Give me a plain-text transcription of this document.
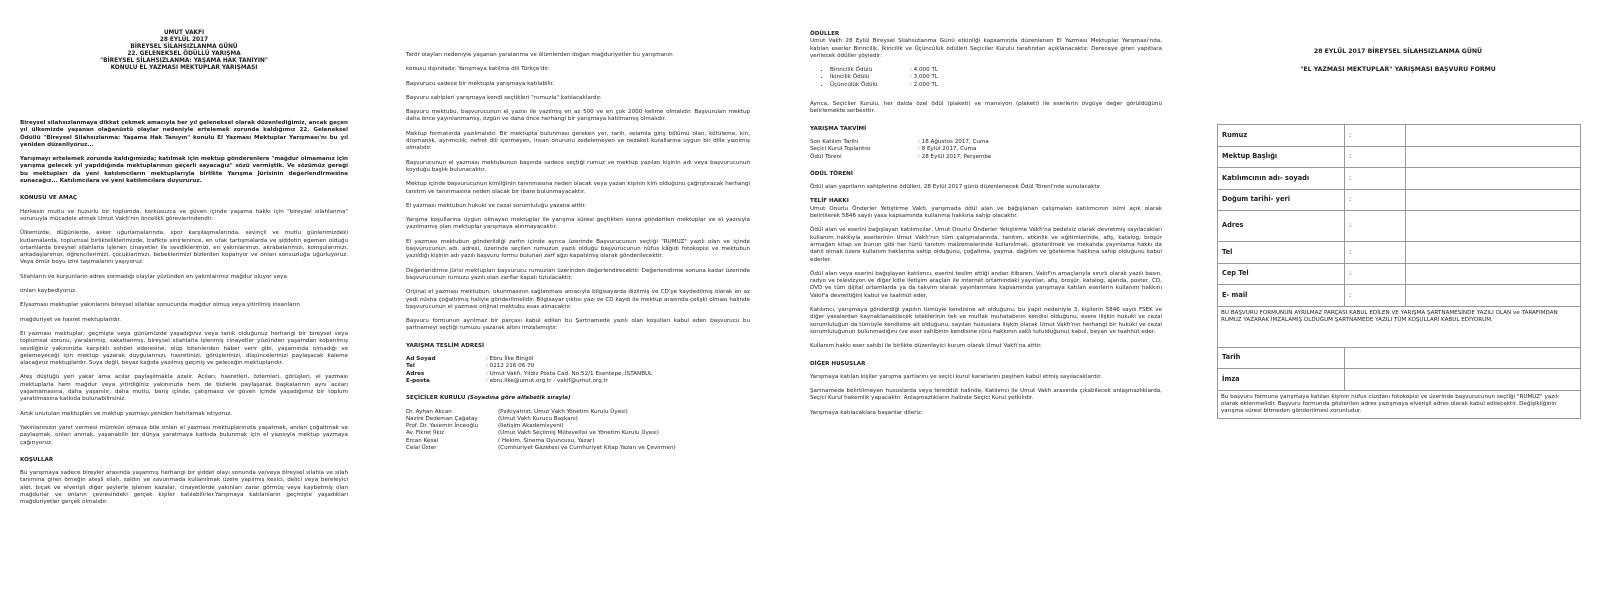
UMUT VAKFI
28 EYLÜL 2017
BİREYSEL SİLAHSIZLANMA GÜNÜ
22. GELENEKSEL ÖDÜLLÜ YARIŞMA
"BİREYSEL SİLAHSIZLANMA: YAŞAMA HAK TANIYIN"
KONULU EL YAZMASI MEKTUPLAR YARIŞMASI

Bireysel silahsızlanmaya dikkat çekmek amacıyla her yıl geleneksel olarak düzenlediğimiz, ancak geçen yıl ülkemizde yaşanan olağanüstü olaylar nedeniyle ertelemek zorunda kaldığımız 22. Geleneksel Ödüllü "Bireysel Silahsızlanma: Yaşama Hak Tanıyın" konulu El Yazması Mektuplar Yarışması'nı bu yıl yeniden düzenliyoruz...

Yarışmayı ertelemek zorunda kaldığımızda; katılmak için mektup gönderenlere "mağdur olmamanız için yarışma gelecek yıl yapıldığında mektuplarınızı geçerli sayacağız" sözü vermiştik. Ve sözümüz gereği bu mektupları da yeni katılımcıların mektuplarıyla birlikte Yarışma Jürisinin değerlendirmesine sunacağız... Katılımcılara ve yeni katılımcılara duyururuz.

KONUSU VE AMAÇ

Herkesin mutlu ve huzurlu bir toplumda, korkusuzca ve güven içinde yaşama hakkı için "bireysel silahlanma" sorunuyla mücadele etmek Umut Vakfı'nın öncelikli görevlerindendir.

Ülkemizde, düğünlerde, asker uğurlamalarında, spor karşılaşmalarında, sevinçli ve mutlu günlerimizdeki kutlamalarda, toplumsal birlikteliklerimizde, trafikte sinirlenince, en ufak tartışmalarda ve şiddetin egemen olduğu ortamlarda bireysel silahlarla işlenen cinayetler ile sevdiklerimizi, en yakınlarımızı, akrabalarımızı, komşularımızı, arkadaşlarımızı, öğrencilerimizi, çocuklarımızı, bebeklerimizi bizlerden koparıyor ve onları sonsuzluğa uğurluyoruz. Veya ömür boyu izini taşımalarını yaşıyoruz.

Silahların ve kurşunların adres sormadığı olaylar yüzünden en yakınlarımız mağdur oluyor veya

onları kaybediyoruz.

Elyazması mektuplar yakınlarını bireysel silahlar sonucunda mağdur olmuş veya yitirilmiş insanların

mağduriyet ve hasret mektuplarıdır.

El yazması mektuplar; geçmişte veya günümüzde yaşadığınız veya tanık olduğunuz herhangi bir bireysel veya toplumsal sorunu, yaralanmış, sakatlanmış, bireysel silahlarla işlenmiş cinayetler yüzünden yaşamdan koparılmış sevdiğiniz yakınınızla karşılıklı sohbet ederesine, olup bitenlerden haber verir gibi, yaşamında olmadığı ve gelemeyeceği için mektup yazarak duygularınızı, hasretinizi, görüşlerinizi, düşüncelerinizi paylaşacak kaleme alacağınız mektuplardır. Suya değil, beyaz kağıda yazılmış geçmiş ve geleceğin mektuplarıdır.

Ateş düştüğü yeri yakar ama acılar paylaşılmakla azalır. Acıları, hasretleri, özlemleri, görüşleri, el yazması mektuplarla hem mağdur veya yitirdiğiniz yakınınızla hem de bizlerle paylaşarak başkalarının aynı acıları yaşamamasına, daha yaşanılır, daha mutlu, barış içinde, çatışmasız ve güven içinde yaşadığımız bir toplum yaratılmasına katkıda bulunabilirsiniz.

Artık unutulan mektupları ve mektup yazmayı yeniden hatırlamak istiyoruz.

Yakınlarınızın yanıt vermesi mümkün olmasa bile onları el yazması mektuplarınızla yaşatmak, anıları çoğaltmak ve paylaşmak, onları anmak, yaşanabilir bir dünya yaratmaya katkıda bulunmak için el yazısıyla mektup yazmaya çağırıyoruz.

KOŞULLAR

Bu yarışmaya sadece bireyler arasında yaşanmış herhangi bir şiddet olayı sonunda ve/veya bireysel silahla ve silah tanımına giren örneğin ateşli silah, saldırı ve savunmada kullanılmak üzere yapılmış kesici, delici veya bereleyici alet, bıçak ve elverişli diğer şeylerle işlenen kazalar, cinayetlerde yakınları zarar görmüş veya kaybetmiş olan mağdurlar ve onların çevresindeki gerçek kişiler katılabilirler.Yarışmaya katılanların geçmişte yaşadıkları mağduriyetler gerçek olmalıdır.

Terör olayları nedeniyle yaşanan yaralanma ve ölümlerden doğan mağduriyetler bu yarışmanın

konusu dışındadır. Yarışmaya katılma dili Türkçe'dir.

Başvurucu sadece bir mektupla yarışmaya katılabilir.

Başvuru sahipleri yarışmaya kendi seçtikleri "rumuzla" katılacaklardır.

Başvuru mektubu, başvurucunun el yazısı ile yazılmış en az 500 ve en çok 2000 kelime olmalıdır. Başvurulan mektup daha önce yayınlanmamış, özgün ve daha önce herhangi bir yarışmaya katılmamış olmalıdır.

Mektup formatında yazılmalıdır. Bir mektupta bulunması gereken yer, tarih, selamla giriş bölümü olan, kötüleme, kin, düşmanlık, ayrımcılık, nefret dili içermeyen, insan onurunu zedelemeyen ve nezaket kurallarına uygun bir dille yazılmış olmalıdır.

Başvurucunun el yazması mektubunun başında sadece seçtiği rumuz ve mektup yazılan kişinin adı veya başvurucunun koyduğu başlık bulunacaktır.

Mektup içinde başvurucunun kimliğinin tanınmasına neden olacak veya yazan kişinin kim olduğunu çağrıştıracak herhangi tanıtım ve tanınmasına neden olacak bir ibare bulunmayacaktır.

El yazması mektubun hukuki ve cezai sorumluluğu yazana aittir.

Yarışma koşullarına uygun olmayan mektuplar ile yarışma süresi geçtikten sonra gönderilen mektuplar ve el yazısıyla yazılmamış olan mektuplar yarışmaya alınmayacaktır.

El yazması mektubun gönderildiği zarfın içinde ayrıca üzerinde Başvurucunun seçtiği "RUMUZ" yazılı olan ve içinde başvurucunun adı, adresi, üzerinde seçilen rumuzun yazılı olduğu başvurucunun nüfus kâğıdı fotokopisi ve mektubun yazıldığı kişinin adı yazılı başvuru formu bulunan zarf ağzı kapatılmış olarak gönderilecektir.

Değerlendirme jürisi mektupları başvurucu rumuzları üzerinden değerlendirecektir. Değerlendirme sonuna kadar üzerinde başvurucunun rumuzu yazılı olan zarflar kapalı tutulacaktır.

Orijinal el yazması mektubun; okunmasının sağlanması amacıyla bilgisayarda dizilmiş ve CD'ye kaydedilmiş olarak en az yedi nüsha çoğaltılmış haliyle gönderilmelidir. Bilgisayar çıktısı yazı ve CD kaydı ile mektup arasında çelişki olması halinde başvurucunun el yazması orijinal mektubu esas alınacaktır.

Başvuru formunun ayrılmaz bir parçası kabul edilen bu Şartnamede yazılı olan koşulları kabul eden başvurucu bu şartnameyi seçtiği rumuzu yazarak altını imzalamıştır.

YARIŞMA TESLİM ADRESİ
Ad Soyad	: Ebru İlke Bingöl
Tel	: 0212 216 06 70
Adres	: Umut Vakfı, Yıldız Posta Cad. No:52/1 Esentepe, İSTANBUL
E-posta	: ebru.ilke@umut.org.tr - vakif@umut.org.tr
SEÇİCİLER KURULU (Soyadına göre alfabetik sırayla)
Dr. Ayhan Akcan	(Psikiyatrist, Umut Vakfı Yönetim Kurulu Üyesi)
Nazire Dedeman Çağatay	(Umut Vakfı Kurucu Başkanı)
Prof. Dr. Yasemin İnceoğlu	(İletişim Akademisyeni)
Av. Fikret İlkiz	(Umut Vakfı Seçilmiş Mütevellisi ve Yönetim Kurulu Üyesi)
Ercan Kesal	( Hekim, Sinema Oyuncusu, Yazar)
Celal Üster	(Cumhuriyet Gazetesi ve Cumhuriyet Kitap Yazarı ve Çevirmen)
ÖDÜLLER

Umut Vakfı 28 Eylül Bireysel Silahsızlanma Günü etkinliği kapsamında düzenlenen El Yazması Mektuplar Yarışması'nda, katılan eserler Birincilik, İkincilik ve Üçüncülük ödülleri Seçiciler Kurulu tarafından açıklanacaktır. Dereceye giren yapıtlara verilecek ödüller şöyledir:

• Birincilik Ödülü	: 4.000 TL
• İkincilik Ödülü	: 3.000 TL
• Üçüncülük Ödülü	: 2.000 TL

Ayrıca, Seçiciler Kurulu, her dalda özel ödül (plaketi) ve mansiyon (plaketi) ile eserlerin övgüye değer görüldüğünü belirlemekte serbesttir.

YARIŞMA TAKVİMİ
Son Katılım Tarihi	: 18 Ağustos 2017, Cuma
Seçici Kurul Toplantısı	: 8 Eylül 2017, Cuma
Ödül Töreni	: 28 Eylül 2017, Perşembe
ÖDÜL TÖRENİ

Ödül alan yapıtların sahiplerine ödülleri, 28 Eylül 2017 günü düzenlenecek Ödül Töreni'nde sunulacaktır.

TELİF HAKKI

Umut Onurlu Önderler Yetiştirme Vakfı, yarışmada ödül alan ve bağışlanan çalışmaları katılımcının isimi açık olarak belirtilerek 5846 sayılı yasa kapsamında kullanma hakkına sahip olacaktır.

Ödül alan ve eserini bağışlayan katılımcılar, Umut Onurlu Önderler Yetiştirme Vakfı'na bedelsiz olarak devretmiş sayılacakları kullanım hakkıyla eserlerinin Umut Vakfı'nın tüm çalışmalarında, tanıtım, etkinlik ve eğitimlerinde, afiş, katalog, broşür armağan kitap ve bunun gibi her türlü tanıtım malzemelerinde kullanılmak, gösterilmek ve mekanda yayınlama hakkı da dahil olmak üzere kullanım haklarına sahip olduğunu, çoğaltma, yayma, dağıtım ve gösterme hakkına sahip olduğunu kabul ederler.

Ödül alan veya eserini bağışlayan katılımcı, eserini teslim ettiği andan itibaren, Vakıf'ın amaçlarıyla sınırlı olarak yazılı basın, radyo ve televizyon ve diğer kitle iletişim araçları ile internet ortamındaki yayınlar, afiş, broşür, katalog, ajanda, poster, CD, DVD ve tüm dijital ortamlarda ya da takvim olarak yayınlanması kapsamında yarışmaya katılan eserlerin kullanım hakkını Vakıf'a devrettiğini kabul ve taahhüt eder.

Katılımcı, yarışmaya gönderdiği yapıtın tümüyle kendisine ait olduğunu, bu yapıt nedeniyle 3. kişilerin 5846 sayılı FSEK ve diğer yasalardan kaynaklanabilecek isteklerinin tek ve mutlak muhatabının kendisi olduğunu, esere ilişkin hukuki ve cezai sorumluluğun da tümüyle kendisine ait olduğunu, sayılan hususlara ilişkin olarak Umut Vakfı'nın herhangi bir hukuki ve cezai sorumluluğunun bulunmadığını (ve eser sahibinin kendisine rücu hakkının saklı tutulduğunu) kabul, beyan ve taahhüt eder.

Kullanım hakkı eser sahibi ile birlikte düzenleyici kurum olarak Umut Vakfı'na aittir.

DİĞER HUSUSLAR

Yarışmaya katılan kişiler yarışma şartlarını ve seçici kurul kararlarını peşinen kabul etmiş sayılacaklardır.

Şartnamede belirtilmeyen hususlarda veya tereddüt halinde, Katılımcı ile Umut Vakfı arasında çıkabilecek anlaşmazlıklarda, Seçici Kurul hakemlik yapacaktır. Anlaşmazlıkların halinde Seçici Kurul yetkilidir.

Yarışmaya katılacaklara başarılar dileriz.

28 EYLÜL 2017 BİREYSEL SİLAHSIZLANMA GÜNÜ
"EL YAZMASI MEKTUPLAR" YARIŞMASI BAŞVURU FORMU
Rumuz	:	
Mektup Başlığı	:	
Katılımcının adı- soyadı	:	
Doğum tarihi- yeri	:	
Adres	:	
Tel	:	
Cep Tel	:	
E- mail	:	
BU BAŞVURU FORMUNUN AYRILMAZ PARÇASI KABUL EDİLEN VE YARIŞMA ŞARTNAMESİNDE YAZILI OLAN ve TARAFIMDAN RUMUZ YAZARAK İMZALAMIŞ OLDUĞUM ŞARTNAMEDE YAZILI TÜM KOŞULLARI KABUL EDİYORUM.		
Tarih		
İmza		
Bu başvuru formuna yarışmaya katılan kişinin nüfus cüzdanı fotokopisi ve üzerinde başvurucunun seçtiği "RUMUZ" yazılı olarak eklenmelidir. Başvuru formunda gösterilen adres yazışmaya elverişli adres olarak kabul edilecektir. Değişikliğinin yarışma süresi bitmeden gönderilmesi zorunludur.		
